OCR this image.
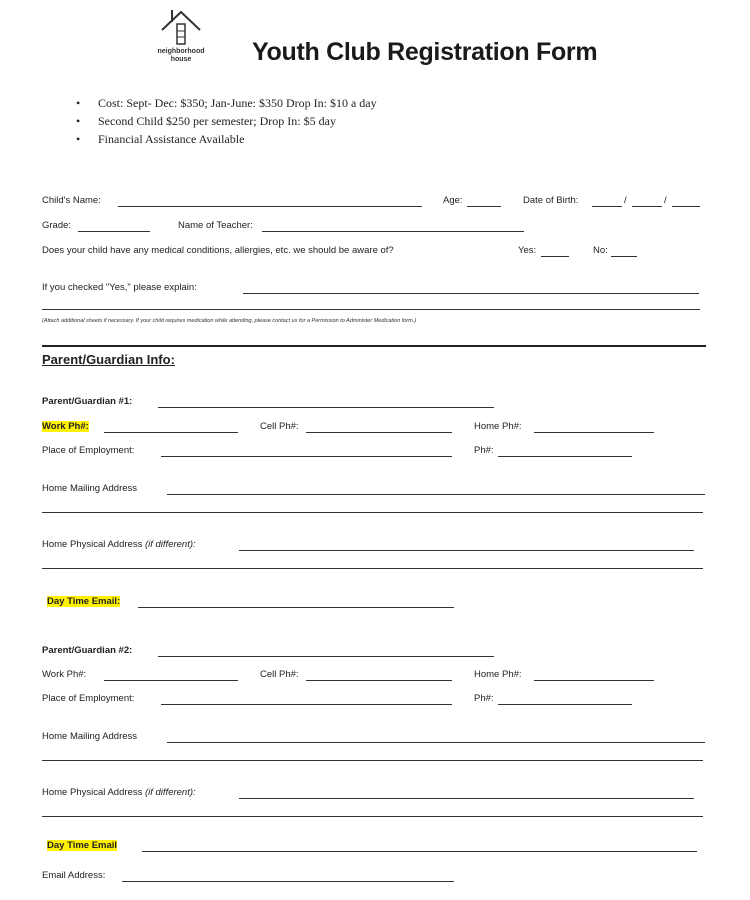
neighborhood
house	Youth Club Registration Form
• Cost: Sept- Dec: $350; Jan-June: $350 Drop In: $10 a day
• Second Child $250 per semester; Drop In: $5 day
• Financial Assistance Available
Child's Name:	Age:	Date of Birth:	/	/
Grade:	Name of Teacher:
Does your child have any medical conditions, allergies, etc. we should be aware of?	Yes:	No:
If you checked "Yes," please explain:
(Attach additional sheets if necessary. If your child requires medication while attending, please contact us for a Permission to Administer Medication form.)
Parent/Guardian Info:
Parent/Guardian #1:
Work Ph#:	Cell Ph#:	Home Ph#:
Place of Employment:	Ph#:
Home Mailing Address
Home Physical Address (if different):
Day Time Email:
Parent/Guardian #2:
Work Ph#:	Cell Ph#:	Home Ph#:
Place of Employment:	Ph#:
Home Mailing Address
Home Physical Address (if different):
Day Time Email
Email Address:
